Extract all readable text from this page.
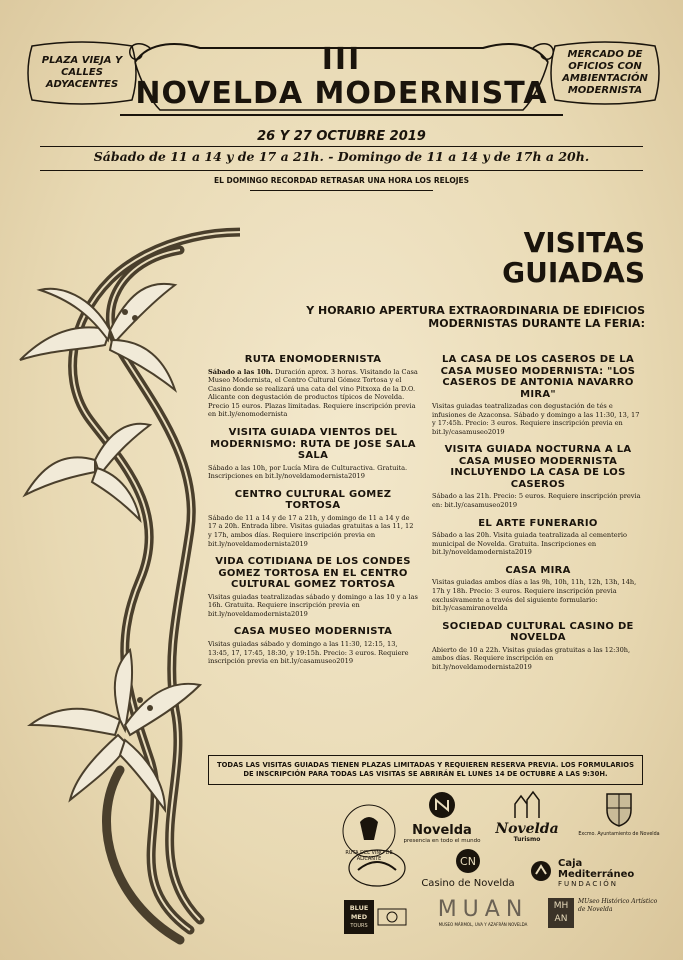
PLAZA VIEJA Y CALLES ADYACENTES
MERCADO DE OFICIOS CON AMBIENTACIÓN MODERNISTA
III
NOVELDA MODERNISTA
26 Y 27 OCTUBRE 2019
Sábado de 11 a 14 y de 17 a 21h. - Domingo de 11 a 14 y de 17h a 20h.
EL DOMINGO RECORDAD RETRASAR UNA HORA LOS RELOJES
VISITAS
GUIADAS
Y HORARIO APERTURA EXTRAORDINARIA DE EDIFICIOS MODERNISTAS DURANTE LA FERIA:
RUTA ENOMODERNISTA

Sábado a las 10h. Duración aprox. 3 horas. Visitando la Casa Museo Modernista, el Centro Cultural Gómez Tortosa y el Casino donde se realizará una cata del vino Pitxoxa de la D.O. Alicante con degustación de productos típicos de Novelda. Precio 15 euros. Plazas limitadas. Requiere inscripción previa en bit.ly/enomodernista

VISITA GUIADA VIENTOS DEL MODERNISMO: RUTA DE JOSE SALA SALA

Sábado a las 10h, por Lucía Mira de Culturactiva. Gratuita. Inscripciones en bit.ly/noveldamodernista2019

CENTRO CULTURAL GOMEZ TORTOSA

Sábado de 11 a 14 y de 17 a 21h, y domingo de 11 a 14 y de 17 a 20h. Entrada libre. Visitas guiadas gratuitas a las 11, 12 y 17h, ambos días. Requiere inscripción previa en bit.ly/noveldamodernista2019

VIDA COTIDIANA DE LOS CONDES GOMEZ TORTOSA EN EL CENTRO CULTURAL GOMEZ TORTOSA

Visitas guiadas teatralizadas sábado y domingo a las 10 y a las 16h. Gratuita. Requiere inscripción previa en bit.ly/noveldamodernista2019

CASA MUSEO MODERNISTA

Visitas guiadas sábado y domingo a las 11:30, 12:15, 13, 13:45, 17, 17:45, 18:30, y 19:15h. Precio: 3 euros. Requiere inscripción previa en bit.ly/casamuseo2019

LA CASA DE LOS CASEROS DE LA CASA MUSEO MODERNISTA: "LOS CASEROS DE ANTONIA NAVARRO MIRA"

Visitas guiadas teatralizadas con degustación de tés e infusiones de Azaconsa. Sábado y domingo a las 11:30, 13, 17 y 17:45h. Precio: 3 euros. Requiere inscripción previa en bit.ly/casamuseo2019

VISITA GUIADA NOCTURNA A LA CASA MUSEO MODERNISTA INCLUYENDO LA CASA DE LOS CASEROS

Sábado a las 21h. Precio: 5 euros. Requiere inscripción previa en: bit.ly/casamuseo2019

EL ARTE FUNERARIO

Sábado a las 20h. Visita guiada teatralizada al cementerio municipal de Novelda. Gratuita. Inscripciones en bit.ly/noveldamodernista2019

CASA MIRA

Visitas guiadas ambos días a las 9h, 10h, 11h, 12h, 13h, 14h, 17h y 18h. Precio: 3 euros. Requiere inscripción previa exclusivamente a través del siguiente formulario: bit.ly/casamiranovelda

SOCIEDAD CULTURAL CASINO DE NOVELDA

Abierto de 10 a 22h. Visitas guiadas gratuitas a las 12:30h, ambos días. Requiere inscripción en bit.ly/noveldamodernista2019

TODAS LAS VISITAS GUIADAS TIENEN PLAZAS LIMITADAS Y REQUIEREN RESERVA PREVIA. LOS FORMULARIOS DE INSCRIPCIÓN PARA TODAS LAS VISITAS SE ABRIRÁN EL LUNES 14 DE OCTUBRE A LAS 9:30H.
RUTA DEL VINO DE ALICANTE
Novelda
presencia en todo el mundo
Novelda
Turismo
Excmo. Ayuntamiento de Novelda
CN
Casino de Novelda
Caja Mediterráneo
FUNDACIÓN
BLUE
MED
TOURS
MUAN
MUSEO MÁRMOL, UVA Y AZAFRÁN NOVELDA
MH
AN
MUseo Histórico Artístico de Novelda
